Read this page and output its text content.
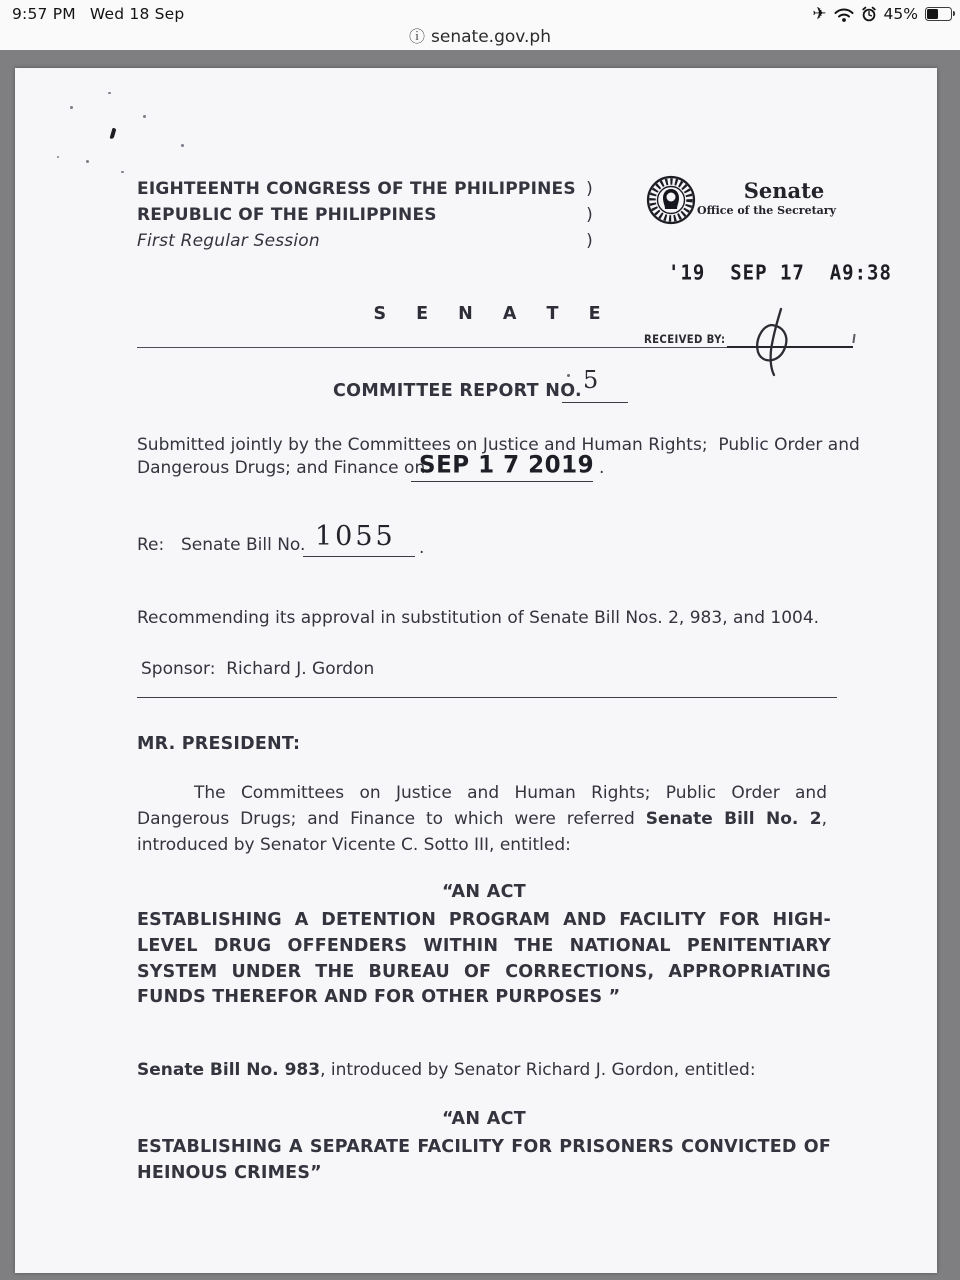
9:57 PM Wed 18 Sep	✈	45%
ⓘ senate.gov.ph
EIGHTEENTH CONGRESS OF THE PHILIPPINES )
REPUBLIC OF THE PHILIPPINES	)
First Regular Session	)
Senate
Office of the Secretary
'19  SEP 17  A9:38
S E N A T E
RECEIVED BY:
COMMITTEE REPORT NO. 5
Submitted jointly by the Committees on Justice and Human Rights;  Public Order and
Dangerous Drugs; and Finance on
SEP 1 7 2019 .
Re: Senate Bill No. 1055 .
Recommending its approval in substitution of Senate Bill Nos. 2, 983, and 1004.
Sponsor:  Richard J. Gordon
MR. PRESIDENT:
The Committees on Justice and Human Rights; Public Order and Dangerous Drugs; and Finance to which were referred Senate Bill No. 2, introduced by Senator Vicente C. Sotto III, entitled:
“AN ACT
ESTABLISHING A DETENTION PROGRAM AND FACILITY FOR HIGH-LEVEL DRUG OFFENDERS WITHIN THE NATIONAL PENITENTIARY SYSTEM UNDER THE BUREAU OF CORRECTIONS, APPROPRIATING FUNDS THEREFOR AND FOR OTHER PURPOSES ”
Senate Bill No. 983, introduced by Senator Richard J. Gordon, entitled:
“AN ACT
ESTABLISHING A SEPARATE FACILITY FOR PRISONERS CONVICTED OF HEINOUS CRIMES”
